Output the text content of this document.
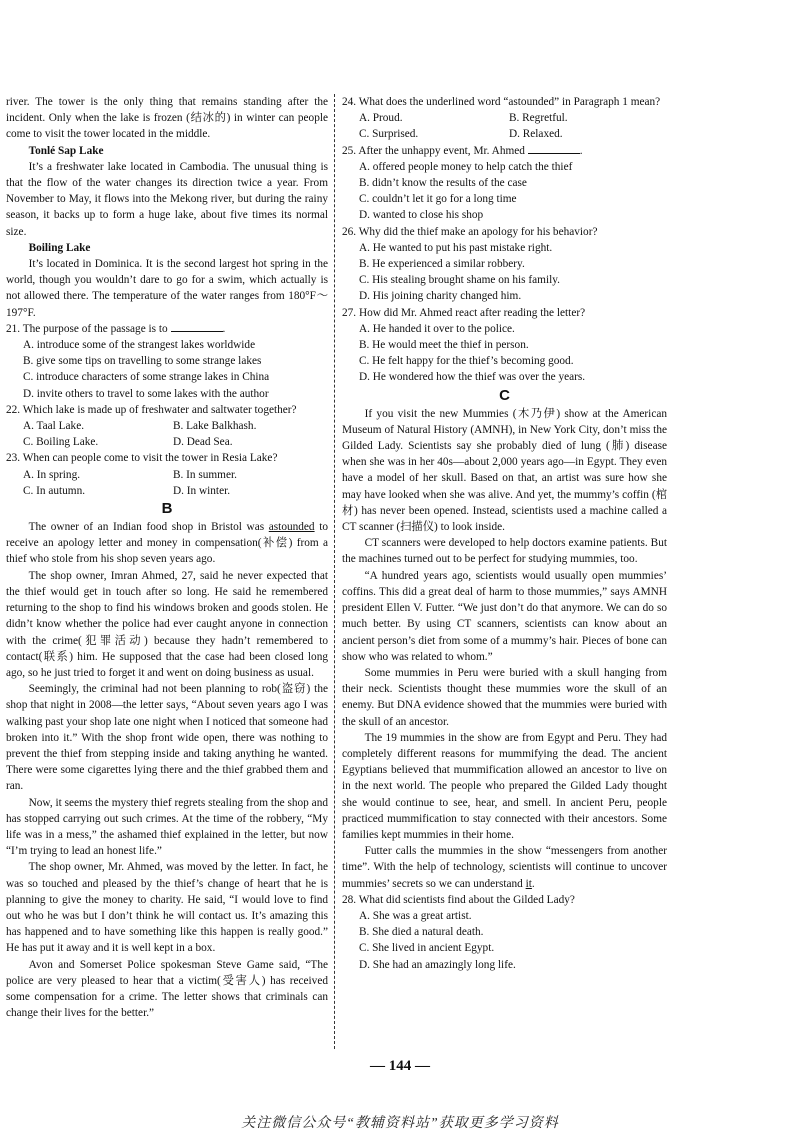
river. The tower is the only thing that remains standing after the incident. Only when the lake is frozen (结冰的) in winter can people come to visit the tower located in the middle.

Tonlé Sap Lake

It’s a freshwater lake located in Cambodia. The unusual thing is that the flow of the water changes its direction twice a year. From November to May, it flows into the Mekong river, but during the rainy season, it backs up to form a huge lake, about five times its normal size.

Boiling Lake

It’s located in Dominica. It is the second largest hot spring in the world, though you wouldn’t dare to go for a swim, which actually is not allowed there. The temperature of the water ranges from 180°F～197°F.

21. The purpose of the passage is to	.

A. introduce some of the strangest lakes worldwide

B. give some tips on travelling to some strange lakes

C. introduce characters of some strange lakes in China

D. invite others to travel to some lakes with the author

22. Which lake is made up of freshwater and saltwater together?

A. Taal Lake.	B. Lake Balkhash.

C. Boiling Lake.	D. Dead Sea.

23. When can people come to visit the tower in Resia Lake?

A. In spring.	B. In summer.

C. In autumn.	D. In winter.

B

The owner of an Indian food shop in Bristol was astounded to receive an apology letter and money in compensation(补偿) from a thief who stole from his shop seven years ago.

The shop owner, Imran Ahmed, 27, said he never expected that the thief would get in touch after so long. He said he remembered returning to the shop to find his windows broken and goods stolen. He didn’t know whether the police had ever caught anyone in connection with the crime(犯罪活动) because they hadn’t remembered to contact(联系) him. He supposed that the case had been closed long ago, so he just tried to forget it and went on doing business as usual.

Seemingly, the criminal had not been planning to rob(盗窃) the shop that night in 2008—the letter says, “About seven years ago I was walking past your shop late one night when I noticed that someone had broken into it.” With the shop front wide open, there was nothing to prevent the thief from stepping inside and taking anything he wanted. There were some cigarettes lying there and the thief grabbed them and ran.

Now, it seems the mystery thief regrets stealing from the shop and has stopped carrying out such crimes. At the time of the robbery, “My life was in a mess,” the ashamed thief explained in the letter, but now “I’m trying to lead an honest life.”

The shop owner, Mr. Ahmed, was moved by the letter. In fact, he was so touched and pleased by the thief’s change of heart that he is planning to give the money to charity. He said, “I would love to find out who he was but I don’t think he will contact us. It’s amazing this has happened and to have something like this happen is really good.” He has put it away and it is well kept in a box.

Avon and Somerset Police spokesman Steve Game said, “The police are very pleased to hear that a victim(受害人) has received some compensation for a crime. The letter shows that criminals can change their lives for the better.”

24. What does the underlined word “astounded” in Paragraph 1 mean?

A. Proud.	B. Regretful.

C. Surprised.	D. Relaxed.

25. After the unhappy event, Mr. Ahmed	.

A. offered people money to help catch the thief

B. didn’t know the results of the case

C. couldn’t let it go for a long time

D. wanted to close his shop

26. Why did the thief make an apology for his behavior?

A. He wanted to put his past mistake right.

B. He experienced a similar robbery.

C. His stealing brought shame on his family.

D. His joining charity changed him.

27. How did Mr. Ahmed react after reading the letter?

A. He handed it over to the police.

B. He would meet the thief in person.

C. He felt happy for the thief’s becoming good.

D. He wondered how the thief was over the years.

C

If you visit the new Mummies (木乃伊) show at the American Museum of Natural History (AMNH), in New York City, don’t miss the Gilded Lady. Scientists say she probably died of lung (肺) disease when she was in her 40s—about 2,000 years ago—in Egypt. They even have a model of her skull. Based on that, an artist was sure how she may have looked when she was alive. And yet, the mummy’s coffin (棺材) has never been opened. Instead, scientists used a machine called a CT scanner (扫描仪) to look inside.

CT scanners were developed to help doctors examine patients. But the machines turned out to be perfect for studying mummies, too.

“A hundred years ago, scientists would usually open mummies’ coffins. This did a great deal of harm to those mummies,” says AMNH president Ellen V. Futter. “We just don’t do that anymore. We can do so much better. By using CT scanners, scientists can know about an ancient person’s diet from some of a mummy’s hair. Pieces of bone can show who was related to whom.”

Some mummies in Peru were buried with a skull hanging from their neck. Scientists thought these mummies wore the skull of an enemy. But DNA evidence showed that the mummies were buried with the skull of an ancestor.

The 19 mummies in the show are from Egypt and Peru. They had completely different reasons for mummifying the dead. The ancient Egyptians believed that mummification allowed an ancestor to live on in the next world. The people who prepared the Gilded Lady thought she would continue to see, hear, and smell. In ancient Peru, people practiced mummification to stay connected with their ancestors. Some families kept mummies in their home.

Futter calls the mummies in the show “messengers from another time”. With the help of technology, scientists will continue to uncover mummies’ secrets so we can understand it.

28. What did scientists find about the Gilded Lady?

A. She was a great artist.

B. She died a natural death.

C. She lived in ancient Egypt.

D. She had an amazingly long life.

— 144 —
关注微信公众号“教辅资料站”获取更多学习资料
